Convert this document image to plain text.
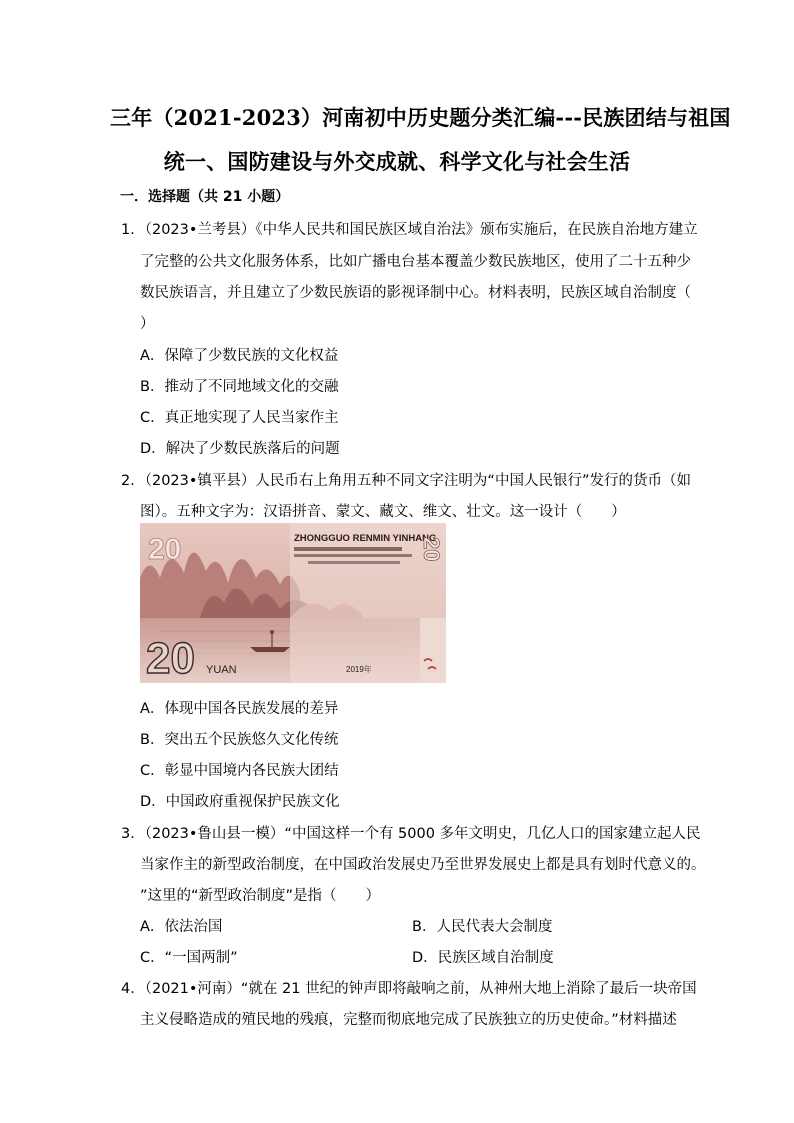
三年（2021-2023）河南初中历史题分类汇编---民族团结与祖国
统一、国防建设与外交成就、科学文化与社会生活
一．选择题（共 21 小题）
1．（2023•兰考县）《中华人民共和国民族区域自治法》颁布实施后，在民族自治地方建立
了完整的公共文化服务体系，比如广播电台基本覆盖少数民族地区，使用了二十五种少
数民族语言，并且建立了少数民族语的影视译制中心。材料表明，民族区域自治制度（
）
A．保障了少数民族的文化权益
B．推动了不同地域文化的交融
C．真正地实现了人民当家作主
D．解决了少数民族落后的问题
2．（2023•镇平县）人民币右上角用五种不同文字注明为“中国人民银行”发行的货币（如
图）。五种文字为：汉语拼音、蒙文、藏文、维文、壮文。这一设计（　　）
20	ZHONGGUO RENMIN YINHANG
20
20 YUAN	2019年
A．体现中国各民族发展的差异
B．突出五个民族悠久文化传统
C．彰显中国境内各民族大团结
D．中国政府重视保护民族文化
3．（2023•鲁山县一模）“中国这样一个有 5000 多年文明史，几亿人口的国家建立起人民
当家作主的新型政治制度，在中国政治发展史乃至世界发展史上都是具有划时代意义的。
”这里的“新型政治制度”是指（　　）
A．依法治国	B．人民代表大会制度
C．“一国两制”	D．民族区域自治制度
4．（2021•河南）“就在 21 世纪的钟声即将敲响之前，从神州大地上消除了最后一块帝国
主义侵略造成的殖民地的残痕，完整而彻底地完成了民族独立的历史使命。”材料描述
